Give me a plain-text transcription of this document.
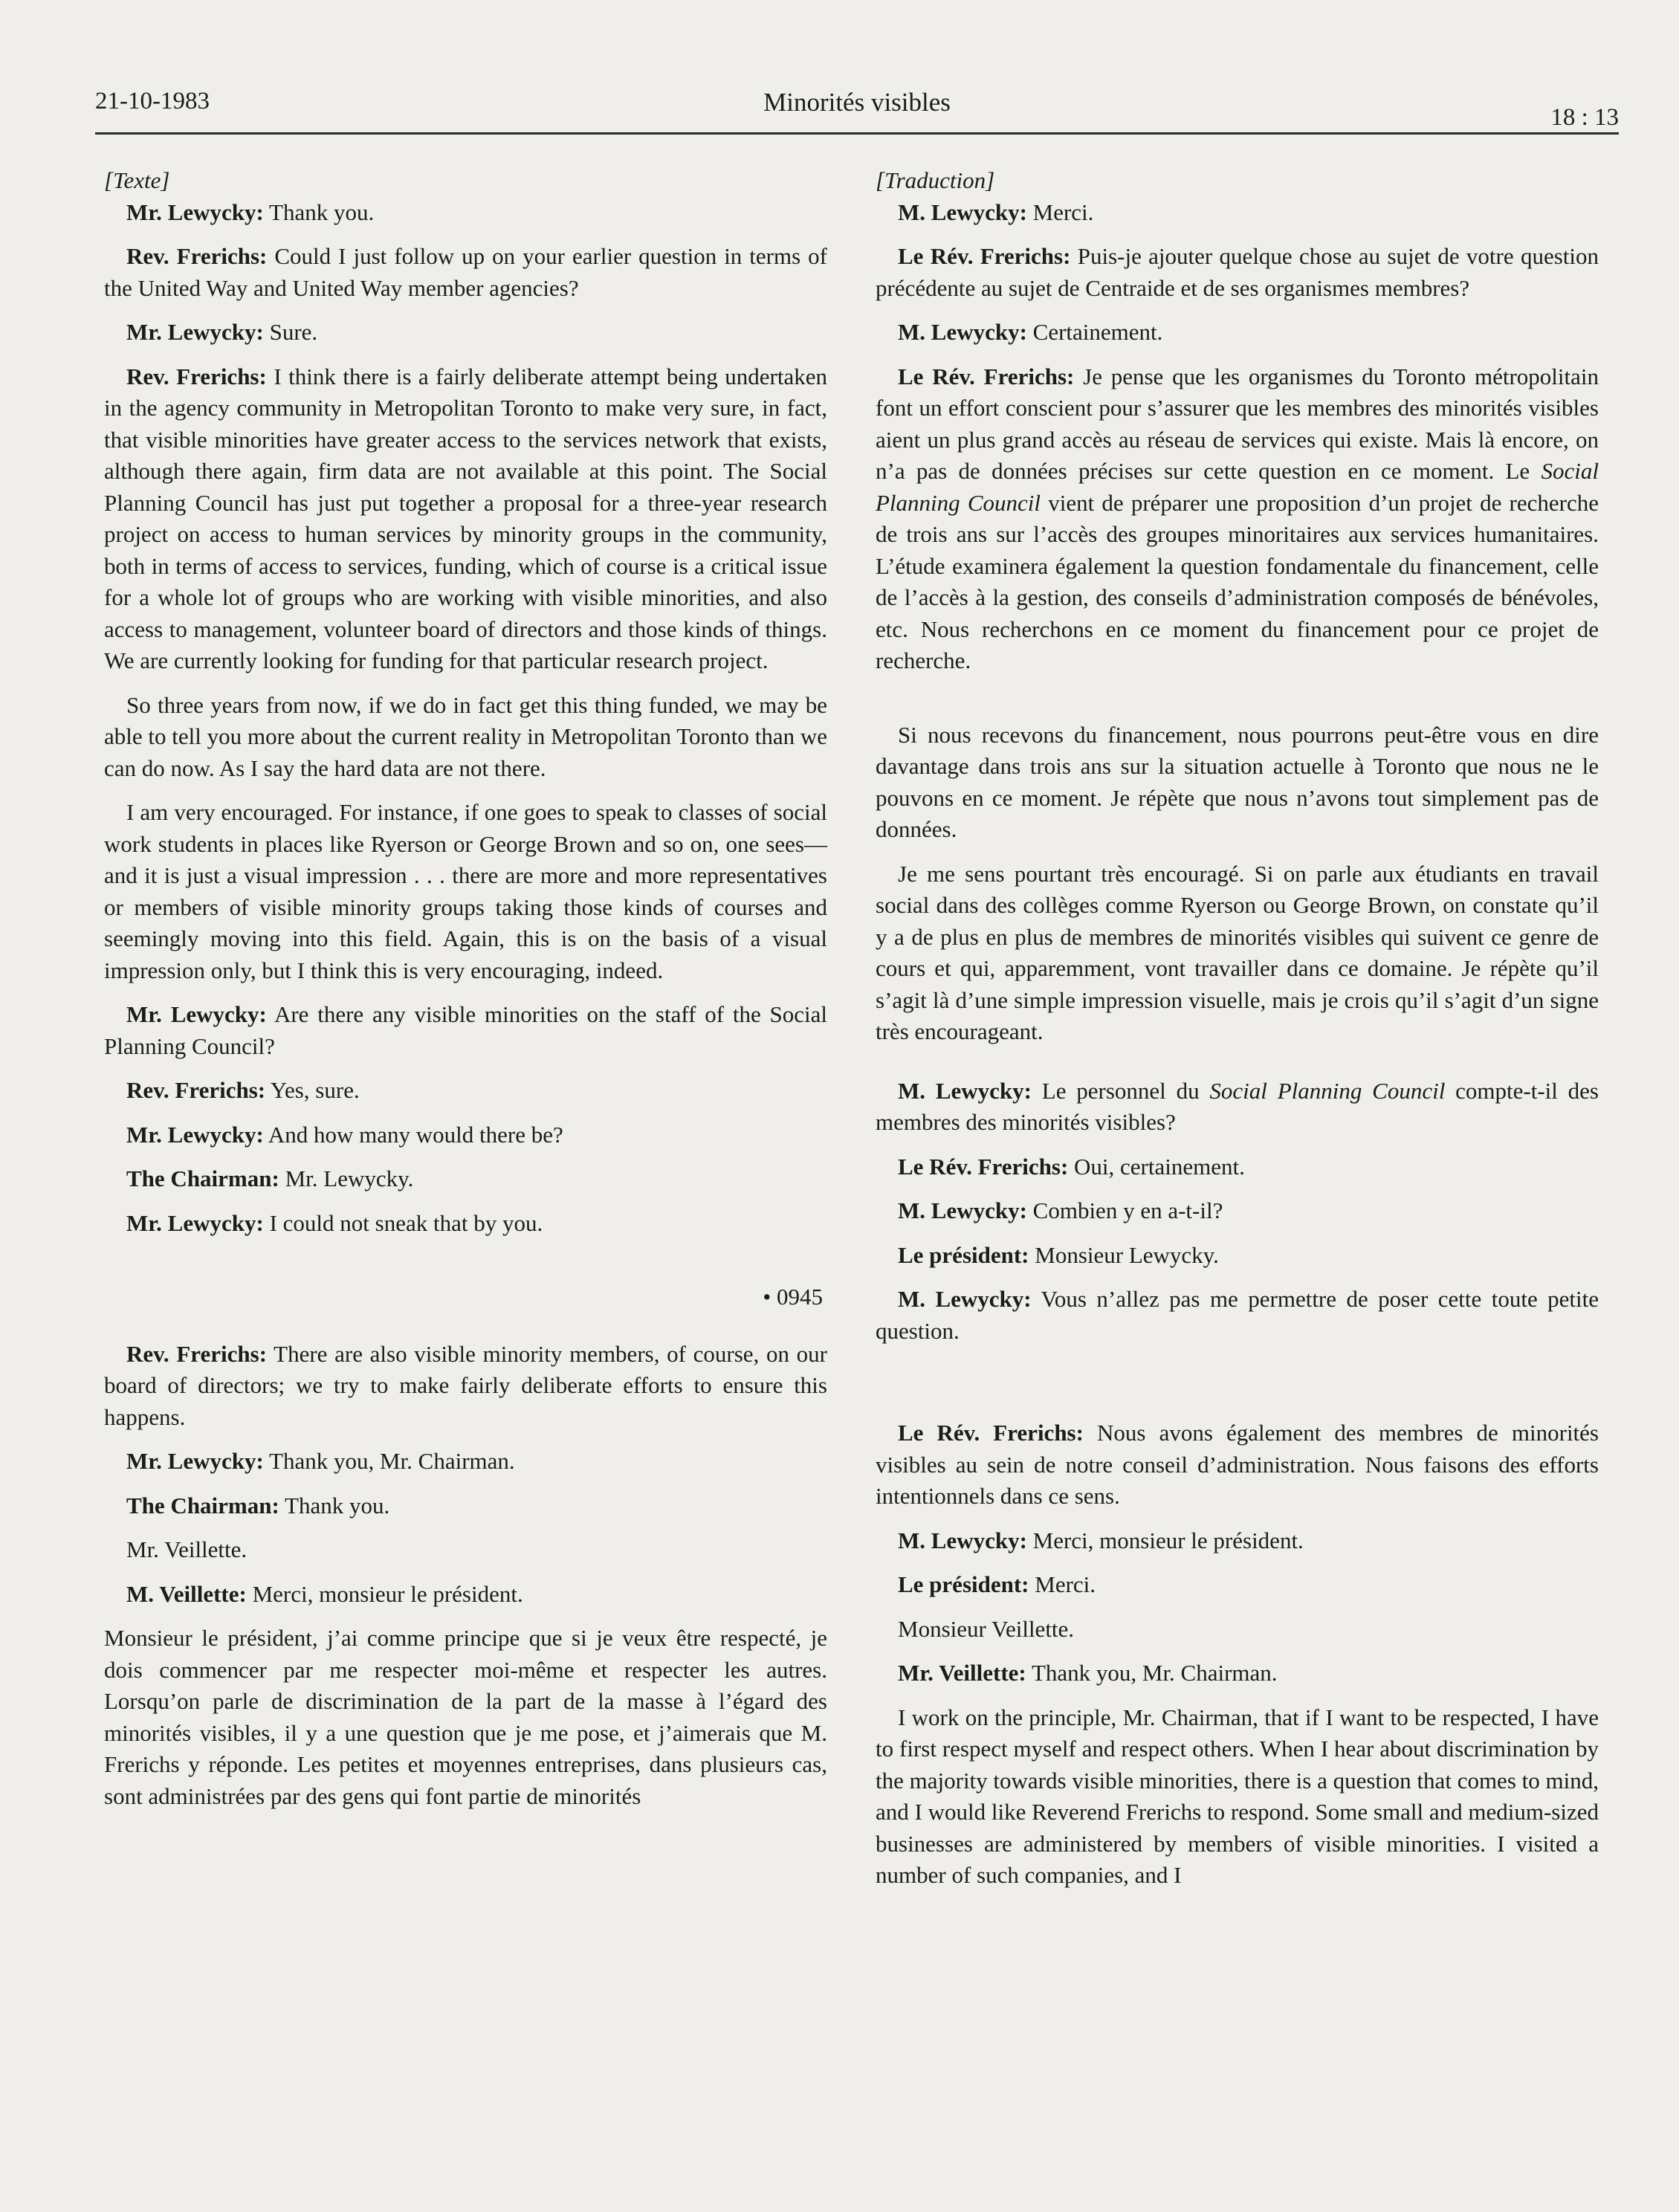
21-10-1983	Minorités visibles
18 : 13

[Texte]

Mr. Lewycky: Thank you.

Rev. Frerichs: Could I just follow up on your earlier question in terms of the United Way and United Way member agencies?

Mr. Lewycky: Sure.

Rev. Frerichs: I think there is a fairly deliberate attempt being undertaken in the agency community in Metropolitan Toronto to make very sure, in fact, that visible minorities have greater access to the services network that exists, although there again, firm data are not available at this point. The Social Planning Council has just put together a proposal for a three-year research project on access to human services by minority groups in the community, both in terms of access to services, funding, which of course is a critical issue for a whole lot of groups who are working with visible minorities, and also access to management, volunteer board of directors and those kinds of things. We are currently looking for funding for that particular research project.

So three years from now, if we do in fact get this thing funded, we may be able to tell you more about the current reality in Metropolitan Toronto than we can do now. As I say the hard data are not there.

I am very encouraged. For instance, if one goes to speak to classes of social work students in places like Ryerson or George Brown and so on, one sees—and it is just a visual impression . . . there are more and more representatives or members of visible minority groups taking those kinds of courses and seemingly moving into this field. Again, this is on the basis of a visual impression only, but I think this is very encouraging, indeed.

Mr. Lewycky: Are there any visible minorities on the staff of the Social Planning Council?

Rev. Frerichs: Yes, sure.

Mr. Lewycky: And how many would there be?

The Chairman: Mr. Lewycky.

Mr. Lewycky: I could not sneak that by you.

• 0945

Rev. Frerichs: There are also visible minority members, of course, on our board of directors; we try to make fairly deliberate efforts to ensure this happens.

Mr. Lewycky: Thank you, Mr. Chairman.

The Chairman: Thank you.

Mr. Veillette.

M. Veillette: Merci, monsieur le président.

Monsieur le président, j’ai comme principe que si je veux être respecté, je dois commencer par me respecter moi-même et respecter les autres. Lorsqu’on parle de discrimination de la part de la masse à l’égard des minorités visibles, il y a une question que je me pose, et j’aimerais que M. Frerichs y réponde. Les petites et moyennes entreprises, dans plusieurs cas, sont administrées par des gens qui font partie de minorités

[Traduction]

M. Lewycky: Merci.

Le Rév. Frerichs: Puis-je ajouter quelque chose au sujet de votre question précédente au sujet de Centraide et de ses organismes membres?

M. Lewycky: Certainement.

Le Rév. Frerichs: Je pense que les organismes du Toronto métropolitain font un effort conscient pour s’assurer que les membres des minorités visibles aient un plus grand accès au réseau de services qui existe. Mais là encore, on n’a pas de données précises sur cette question en ce moment. Le Social Planning Council vient de préparer une proposition d’un projet de recherche de trois ans sur l’accès des groupes minoritaires aux services humanitaires. L’étude examinera également la question fondamentale du financement, celle de l’accès à la gestion, des conseils d’administration composés de bénévoles, etc. Nous recherchons en ce moment du financement pour ce projet de recherche.

Si nous recevons du financement, nous pourrons peut-être vous en dire davantage dans trois ans sur la situation actuelle à Toronto que nous ne le pouvons en ce moment. Je répète que nous n’avons tout simplement pas de données.

Je me sens pourtant très encouragé. Si on parle aux étudiants en travail social dans des collèges comme Ryerson ou George Brown, on constate qu’il y a de plus en plus de membres de minorités visibles qui suivent ce genre de cours et qui, apparemment, vont travailler dans ce domaine. Je répète qu’il s’agit là d’une simple impression visuelle, mais je crois qu’il s’agit d’un signe très encourageant.

M. Lewycky: Le personnel du Social Planning Council compte-t-il des membres des minorités visibles?

Le Rév. Frerichs: Oui, certainement.

M. Lewycky: Combien y en a-t-il?

Le président: Monsieur Lewycky.

M. Lewycky: Vous n’allez pas me permettre de poser cette toute petite question.

Le Rév. Frerichs: Nous avons également des membres de minorités visibles au sein de notre conseil d’administration. Nous faisons des efforts intentionnels dans ce sens.

M. Lewycky: Merci, monsieur le président.

Le président: Merci.

Monsieur Veillette.

Mr. Veillette: Thank you, Mr. Chairman.

I work on the principle, Mr. Chairman, that if I want to be respected, I have to first respect myself and respect others. When I hear about discrimination by the majority towards visible minorities, there is a question that comes to mind, and I would like Reverend Frerichs to respond. Some small and medium-sized businesses are administered by members of visible minorities. I visited a number of such companies, and I
